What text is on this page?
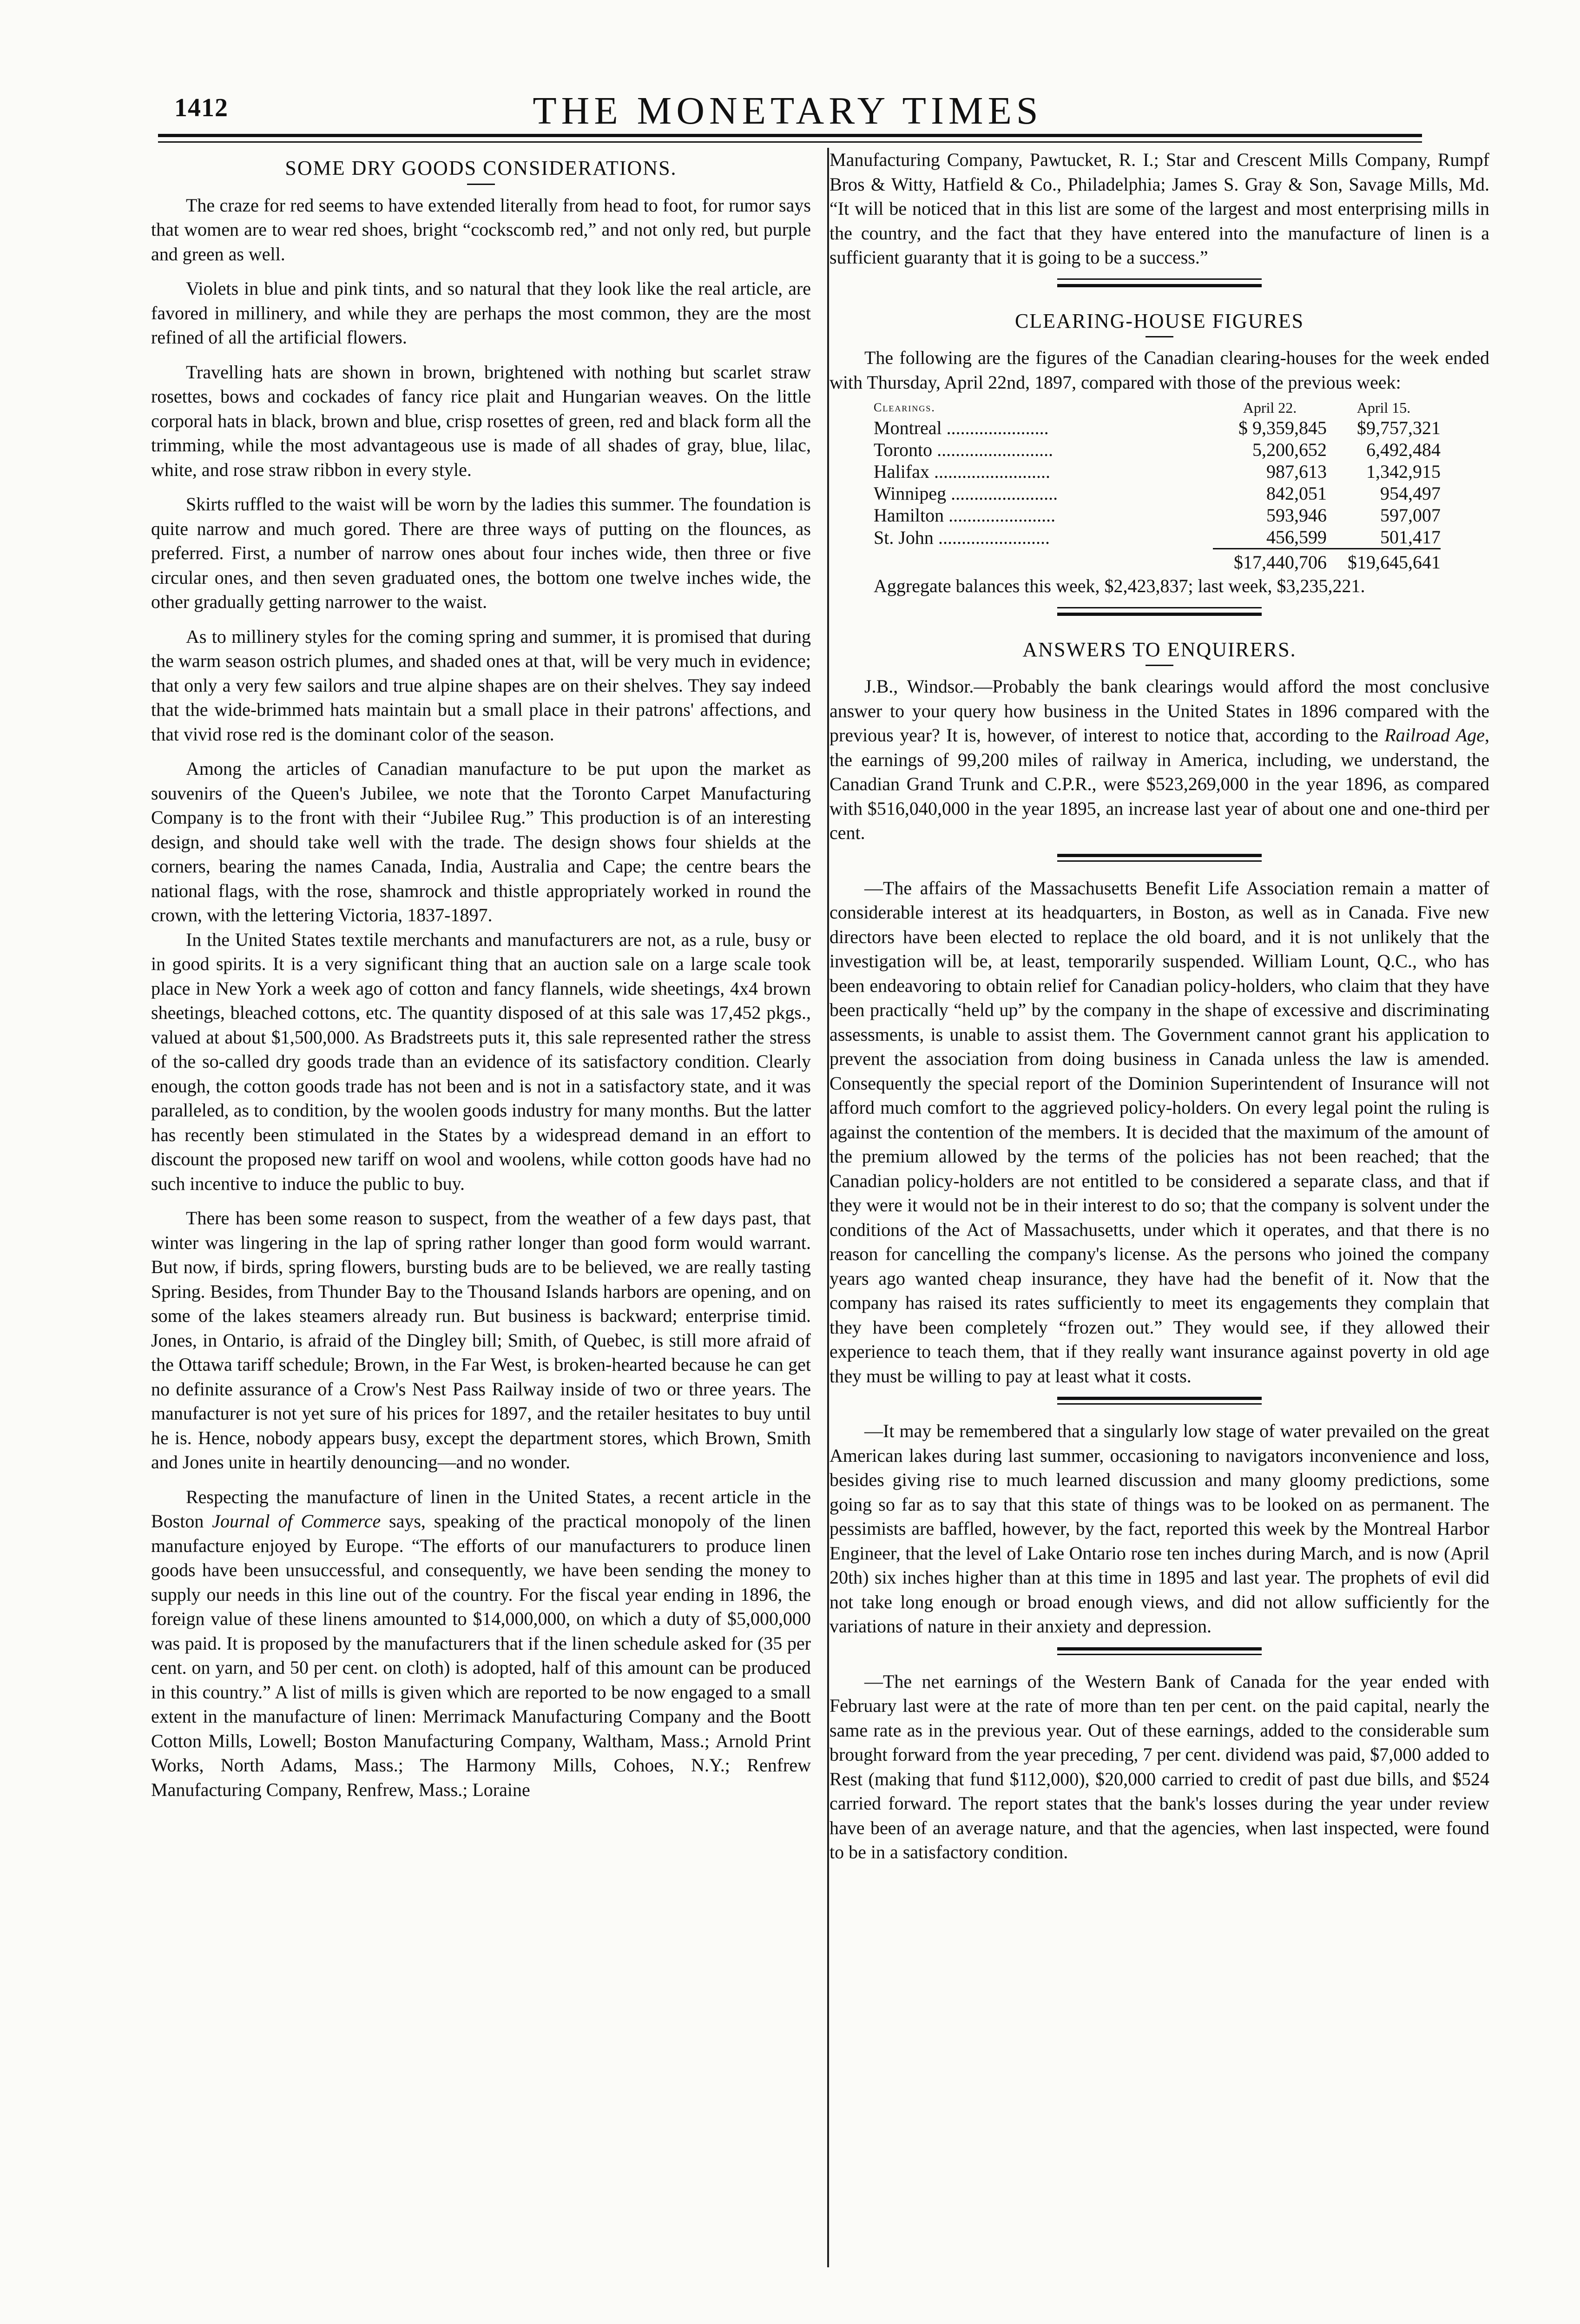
1412	THE MONETARY TIMES
SOME DRY GOODS CONSIDERATIONS.

The craze for red seems to have extended literally from head to foot, for rumor says that women are to wear red shoes, bright “cockscomb red,” and not only red, but purple and green as well.

Violets in blue and pink tints, and so natural that they look like the real article, are favored in millinery, and while they are perhaps the most common, they are the most refined of all the artificial flowers.

Travelling hats are shown in brown, brightened with nothing but scarlet straw rosettes, bows and cockades of fancy rice plait and Hungarian weaves. On the little corporal hats in black, brown and blue, crisp rosettes of green, red and black form all the trimming, while the most advantageous use is made of all shades of gray, blue, lilac, white, and rose straw ribbon in every style.

Skirts ruffled to the waist will be worn by the ladies this summer. The foundation is quite narrow and much gored. There are three ways of putting on the flounces, as preferred. First, a number of narrow ones about four inches wide, then three or five circular ones, and then seven graduated ones, the bottom one twelve inches wide, the other gradually getting narrower to the waist.

As to millinery styles for the coming spring and summer, it is promised that during the warm season ostrich plumes, and shaded ones at that, will be very much in evidence; that only a very few sailors and true alpine shapes are on their shelves. They say indeed that the wide-brimmed hats maintain but a small place in their patrons' affections, and that vivid rose red is the dominant color of the season.

Among the articles of Canadian manufacture to be put upon the market as souvenirs of the Queen's Jubilee, we note that the Toronto Carpet Manufacturing Company is to the front with their “Jubilee Rug.” This production is of an interesting design, and should take well with the trade. The design shows four shields at the corners, bearing the names Canada, India, Australia and Cape; the centre bears the national flags, with the rose, shamrock and thistle appropriately worked in round the crown, with the lettering Victoria, 1837-1897.

In the United States textile merchants and manufacturers are not, as a rule, busy or in good spirits. It is a very significant thing that an auction sale on a large scale took place in New York a week ago of cotton and fancy flannels, wide sheetings, 4x4 brown sheetings, bleached cottons, etc. The quantity disposed of at this sale was 17,452 pkgs., valued at about $1,500,000. As Bradstreets puts it, this sale represented rather the stress of the so-called dry goods trade than an evidence of its satisfactory condition. Clearly enough, the cotton goods trade has not been and is not in a satisfactory state, and it was paralleled, as to condition, by the woolen goods industry for many months. But the latter has recently been stimulated in the States by a widespread demand in an effort to discount the proposed new tariff on wool and woolens, while cotton goods have had no such incentive to induce the public to buy.

There has been some reason to suspect, from the weather of a few days past, that winter was lingering in the lap of spring rather longer than good form would warrant. But now, if birds, spring flowers, bursting buds are to be believed, we are really tasting Spring. Besides, from Thunder Bay to the Thousand Islands harbors are opening, and on some of the lakes steamers already run. But business is backward; enterprise timid. Jones, in Ontario, is afraid of the Dingley bill; Smith, of Quebec, is still more afraid of the Ottawa tariff schedule; Brown, in the Far West, is broken-hearted because he can get no definite assurance of a Crow's Nest Pass Railway inside of two or three years. The manufacturer is not yet sure of his prices for 1897, and the retailer hesitates to buy until he is. Hence, nobody appears busy, except the department stores, which Brown, Smith and Jones unite in heartily denouncing—and no wonder.

Respecting the manufacture of linen in the United States, a recent article in the Boston Journal of Commerce says, speaking of the practical monopoly of the linen manufacture enjoyed by Europe. “The efforts of our manufacturers to produce linen goods have been unsuccessful, and consequently, we have been sending the money to supply our needs in this line out of the country. For the fiscal year ending in 1896, the foreign value of these linens amounted to $14,000,000, on which a duty of $5,000,000 was paid. It is proposed by the manufacturers that if the linen schedule asked for (35 per cent. on yarn, and 50 per cent. on cloth) is adopted, half of this amount can be produced in this country.” A list of mills is given which are reported to be now engaged to a small extent in the manufacture of linen: Merrimack Manufacturing Company and the Boott Cotton Mills, Lowell; Boston Manufacturing Company, Waltham, Mass.; Arnold Print Works, North Adams, Mass.; The Harmony Mills, Cohoes, N.Y.; Renfrew Manufacturing Company, Renfrew, Mass.; Loraine

Manufacturing Company, Pawtucket, R. I.; Star and Crescent Mills Company, Rumpf Bros & Witty, Hatfield & Co., Philadelphia; James S. Gray & Son, Savage Mills, Md. “It will be noticed that in this list are some of the largest and most enterprising mills in the country, and the fact that they have entered into the manufacture of linen is a sufficient guaranty that it is going to be a success.”

CLEARING-HOUSE FIGURES

The following are the figures of the Canadian clearing-houses for the week ended with Thursday, April 22nd, 1897, compared with those of the previous week:

Clearings.	April 22.	April 15.
Montreal ......................	$ 9,359,845	$9,757,321
Toronto .........................	5,200,652	6,492,484
Halifax .........................	987,613	1,342,915
Winnipeg .......................	842,051	954,497
Hamilton .......................	593,946	597,007
St. John ........................	456,599	501,417
	$17,440,706	$19,645,641
Aggregate balances this week, $2,423,837; last week, $3,235,221.
ANSWERS TO ENQUIRERS.

J.B., Windsor.—Probably the bank clearings would afford the most conclusive answer to your query how business in the United States in 1896 compared with the previous year? It is, however, of interest to notice that, according to the Railroad Age, the earnings of 99,200 miles of railway in America, including, we understand, the Canadian Grand Trunk and C.P.R., were $523,269,000 in the year 1896, as compared with $516,040,000 in the year 1895, an increase last year of about one and one-third per cent.

—The affairs of the Massachusetts Benefit Life Association remain a matter of considerable interest at its headquarters, in Boston, as well as in Canada. Five new directors have been elected to replace the old board, and it is not unlikely that the investigation will be, at least, temporarily suspended. William Lount, Q.C., who has been endeavoring to obtain relief for Canadian policy-holders, who claim that they have been practically “held up” by the company in the shape of excessive and discriminating assessments, is unable to assist them. The Government cannot grant his application to prevent the association from doing business in Canada unless the law is amended. Consequently the special report of the Dominion Superintendent of Insurance will not afford much comfort to the aggrieved policy-holders. On every legal point the ruling is against the contention of the members. It is decided that the maximum of the amount of the premium allowed by the terms of the policies has not been reached; that the Canadian policy-holders are not entitled to be considered a separate class, and that if they were it would not be in their interest to do so; that the company is solvent under the conditions of the Act of Massachusetts, under which it operates, and that there is no reason for cancelling the company's license. As the persons who joined the company years ago wanted cheap insurance, they have had the benefit of it. Now that the company has raised its rates sufficiently to meet its engagements they complain that they have been completely “frozen out.” They would see, if they allowed their experience to teach them, that if they really want insurance against poverty in old age they must be willing to pay at least what it costs.

—It may be remembered that a singularly low stage of water prevailed on the great American lakes during last summer, occasioning to navigators inconvenience and loss, besides giving rise to much learned discussion and many gloomy predictions, some going so far as to say that this state of things was to be looked on as permanent. The pessimists are baffled, however, by the fact, reported this week by the Montreal Harbor Engineer, that the level of Lake Ontario rose ten inches during March, and is now (April 20th) six inches higher than at this time in 1895 and last year. The prophets of evil did not take long enough or broad enough views, and did not allow sufficiently for the variations of nature in their anxiety and depression.

—The net earnings of the Western Bank of Canada for the year ended with February last were at the rate of more than ten per cent. on the paid capital, nearly the same rate as in the previous year. Out of these earnings, added to the considerable sum brought forward from the year preceding, 7 per cent. dividend was paid, $7,000 added to Rest (making that fund $112,000), $20,000 carried to credit of past due bills, and $524 carried forward. The report states that the bank's losses during the year under review have been of an average nature, and that the agencies, when last inspected, were found to be in a satisfactory condition.
